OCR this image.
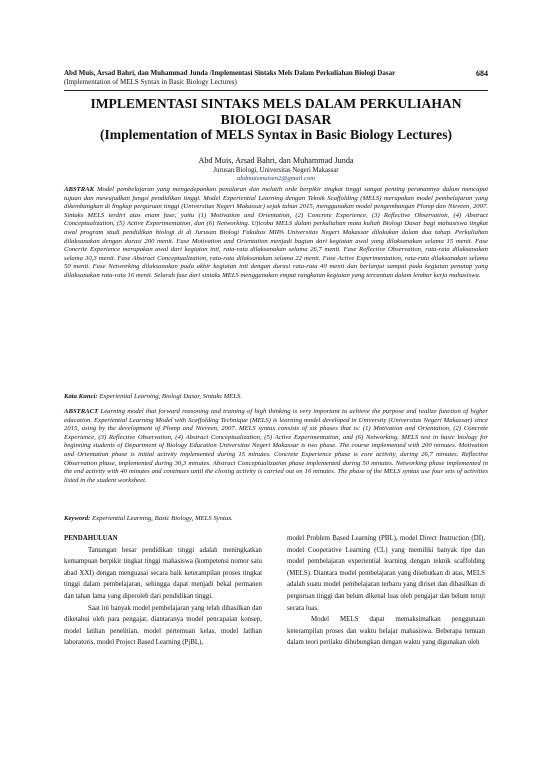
Abd Muis, Arsad Bahri, dan Muhammad Junda /Implementasi Sintaks Mels Dalam Perkuliahan Biologi Dasar
(Implementation of MELS Syntax in Basic Biology Lectures)
684
IMPLEMENTASI SINTAKS MELS DALAM PERKULIAHAN
BIOLOGI DASAR
(Implementation of MELS Syntax in Basic Biology Lectures)
Abd Muis, Arsad Bahri, dan Muhammad Junda
Jurusan Biologi, Universitas Negeri Makassar
abdmuismuisen2@gmail.com
ABSTRAK Model pembelajaran yang mengedepankan penalaran dan melatih orde berpikir tingkat tinggi sangat penting peranannya dalam mencapai tujuan dan mewujudkan fungsi pendidikan tinggi. Model Experiential Learning dengan Teknik Scaffolding (MELS) merupakan model pembelajaran yang dikembangkan di lingkup perguruan tinggi (Universitas Negeri Makassar) sejak tahun 2015, menggunakan model pengembangan Plomp dan Nieveen, 2007. Sintaks MELS terdiri atas enam fase; yaitu (1) Motivation and Orientation, (2) Concrete Experience, (3) Reflective Observation, (4) Abstract Conceptualization, (5) Active Experimentation, dan (6) Networking. Ujicoba MELS dalam perkuliahan mata kuliah Biologi Dasar bagi mahasiswa tingkat awal program studi pendidikan biologi di di Jurusan Biologi Fakultas MIPA Universitas Negeri Makassar dilakukan dalam dua tahap. Perkuliahan dilaksanakan dengan durasi 200 menit. Fase Motivation and Orientation menjadi bagian dari kegiatan awal yang dilaksanakan selama 15 menit. Fase Concrite Experience merupakan awal dari kegiatan inti, rata-rata dilaksanakan selama 26,7 menit. Fase Reflective Observation, rata-rata dilaksanakan selama 30,3 menit. Fase Abstract Conceptualization, rata-rata dilaksanakan selama 22 menit. Fase Active Experimentation, rata-rata dilaksanakan selama 50 menit. Fase Networking dilaksanakan pada akhir kegiatan inti dengan durasi rata-rata 40 menit dan berlanjut sampai pada kegiatan penutup yang dilaksanakan rata-rata 16 menit. Seluruh fase dari sintaks MELS menggunakan empat rangkaian kegiatan yang tercantum dalam lembar kerja mahasiswa.
Kata Kunci: Experiential Learning, Biologi Dasar, Sintaks MELS.
ABSTRACT Learning model that forward reasoning and training of high thinking is very important to achieve the purpose and realize function of higher education. Experiential Learning Model with Scaffolding Technique (MELS) is learning model developed in University (Universitas Negeri Makassar) since 2015, using by the development of Plomp and Nieveen, 2007. MELS syntax consists of six phases that is: (1) Motivation and Orientation, (2) Concrete Experience, (3) Reflective Observation, (4) Abstract Conceptualization, (5) Active Experimentation, and (6) Networking. MELS test in basic biology for beginning students of Department of Biology Education Universitas Negeri Makassar is two phase. The course implemented with 200 minutes. Motivation and Orientation phase is initial activity implemented during 15 minutes. Concrete Experience phase is core activity, during 26,7 minutes. Reflective Observation phase, implemented during 30,3 minutes. Abstract Conceptualization phase implemented during 50 minutes. Networking phase implemented in the end activity with 40 minutes and continues until the closing activity is carried out on 16 minutes. The phase of the MELS syntax use four sets of activities listed in the student worksheet.
Keyword: Experiential Learning, Basic Biology, MELS Syntax.

PENDAHULUAN

Tantangan besar pendidikan tinggi adalah meningkatkan kemampuan berpikir tingkat tinggi mahasiswa (kompetensi nomor satu abad XXI) dengan menguasai secara baik keterampilan proses tingkat tinggi dalam pembelajaran, sehingga dapat menjadi bekal permanen dan tahan lama yang diperoleh dari pendidikan tinggi.

Saat ini banyak model pembelajaran yang telah dihasilkan dan diketahui oleh para pengajar, diantaranya model pencapaian konsep, model latihan penelitian, model pertemuan kelas, model latihan laboratoris, model Project Based Learning (PjBL),

model Problem Based Learning (PBL), model Direct Instruction (DI), model Cooperative Learning (CL) yang memiliki banyak tipe dan model pembelajaran experiential learning dengan teknik scaffolding (MELS). Diantara model pembelajaran yang disebutkan di atas, MELS adalah suatu model pembelajaran terbaru yang diriset dan dihasilkan di perguruan tinggi dan belum dikenal luas oleh pengajar dan belum teruji secara luas.

Model MELS dapat memaksimalkan penggunaan keterampilan proses dan waktu belajar mahasiswa. Beberapa temuan dalam teori perilaku dihubungkan dengan waktu yang digunakan oleh
